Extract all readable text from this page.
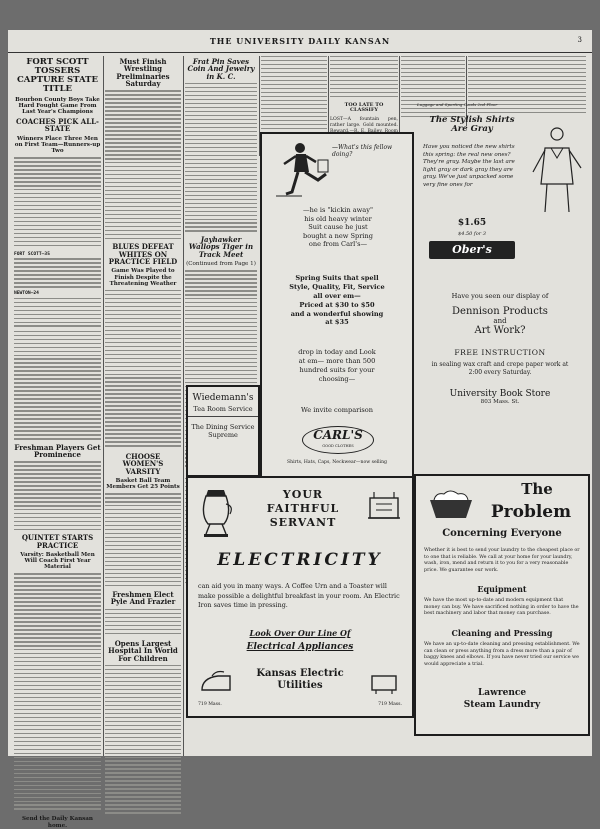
THE UNIVERSITY DAILY KANSAN	3
FORT SCOTT TOSSERS CAPTURE STATE TITLE
Bourbon County Boys Take Hard Fought Game From Last Year's Champions
COACHES PICK ALL-STATE
Winners Place Three Men on First Team—Runners-up Two
FORT SCOTT—35
NEWTON—24
Freshman Players Get Prominence
QUINTET STARTS PRACTICE
Varsity: Basketball Men Will Coach First Year Material
Send the Daily Kansan home.
Must Finish Wrestling Preliminaries Saturday
BLUES DEFEAT WHITES ON PRACTICE FIELD
Game Was Played to Finish Despite the Threatening Weather
CHOOSE WOMEN'S VARSITY
Basket Ball Team Members Get 25 Points
Freshmen Elect Pyle And Frazier
Opens Largest Hospital In World For Children
Frat Pin Saves Coin And Jewelry in K. C.
Jayhawker Wallops Tiger in Track Meet
(Continued from Page 1)
Wiedemann's
Tea Room Service
The Dining Service
Supreme
TOO LATE TO CLASSIFY
LOST—A fountain pen, rather large. Gold mounted.
—What's this fellow doing?
—he is "kickin away"
his old heavy winter
Suit cause he just
bought a new Spring
one from Carl's—
Spring Suits that spell
Style, Quality, Fit, Service
all over em—
Priced at $30 to $50
and a wonderful showing
at $35
drop in today and Look
at em— more than 500
hundred suits for your
choosing—
We invite comparison
CARL'S
GOOD CLOTHES
Shirts, Hats, Caps, Neckwear—now selling
Luggage and Sporting Goods 2nd Floor
The Stylish Shirts
Are Gray
Have you noticed the new shirts this spring: the real new ones? They're gray. Maybe the last are light gray or dark gray they are gray. We've just unpacked some very fine ones for
$1.65
$4.50 for 3
Ober's
Have you seen our display of
Dennison Products
and
Art Work?
FREE INSTRUCTION
in sealing wax craft and crepe paper work at 2:00 every Saturday.
University Book Store
803 Mass. St.
YOUR
FAITHFUL
SERVANT
ELECTRICITY
can aid you in many ways. A Coffee Urn and a Toaster will make possible a delightful breakfast in your room. An Electric Iron saves time in pressing.
Look Over Our Line Of
Electrical Appliances
Kansas Electric
Utilities
719 Mass.	719 Mass.
The
Problem
Concerning Everyone
Whether it is best to send your laundry to the cheapest place or to one that is reliable. We call at your home for your laundry, wash, iron, mend and return it to you for a very reasonable price. We guarantee our work.
Equipment
We have the most up-to-date and modern equipment that money can buy. We have sacrificed nothing in order to have the best machinery and labor that money can purchase.
Cleaning and Pressing
We have an up-to-date cleaning and pressing establishment. We can clean or press anything from a dress more than a pair of baggy knees and elbows. If you have never tried our service we would appreciate a trial.
Lawrence
Steam Laundry
